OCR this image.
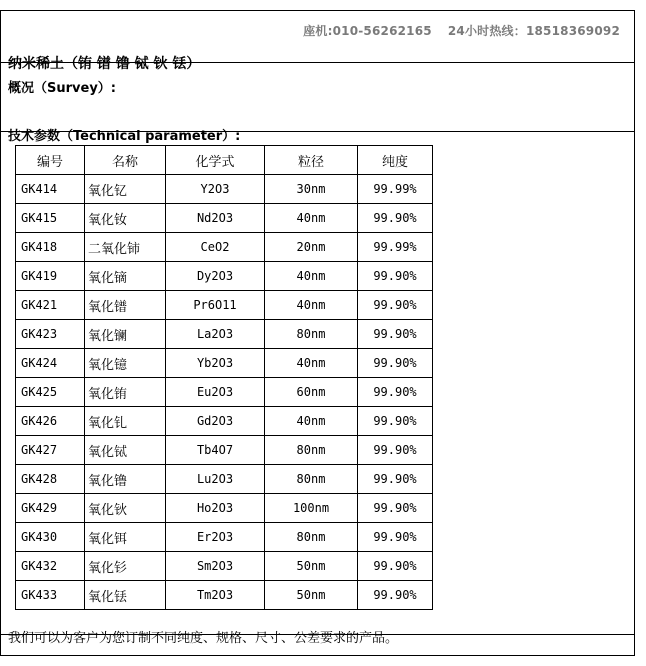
座机:010-56262165 24小时热线：18518369092
纳米稀土（铕 镨 镥 铽 钬 铥）
概况（Survey）:
技术参数（Technical parameter）:
编号	名称	化学式	粒径	纯度
GK414	氧化钇	Y2O3	30nm	99.99%
GK415	氧化钕	Nd2O3	40nm	99.90%
GK418	二氧化铈	CeO2	20nm	99.99%
GK419	氧化镝	Dy2O3	40nm	99.90%
GK421	氧化镨	Pr6O11	40nm	99.90%
GK423	氧化镧	La2O3	80nm	99.90%
GK424	氧化镱	Yb2O3	40nm	99.90%
GK425	氧化铕	Eu2O3	60nm	99.90%
GK426	氧化钆	Gd2O3	40nm	99.90%
GK427	氧化铽	Tb4O7	80nm	99.90%
GK428	氧化镥	Lu2O3	80nm	99.90%
GK429	氧化钬	Ho2O3	100nm	99.90%
GK430	氧化铒	Er2O3	80nm	99.90%
GK432	氧化钐	Sm2O3	50nm	99.90%
GK433	氧化铥	Tm2O3	50nm	99.90%
我们可以为客户为您订制不同纯度、规格、尺寸、公差要求的产品。
